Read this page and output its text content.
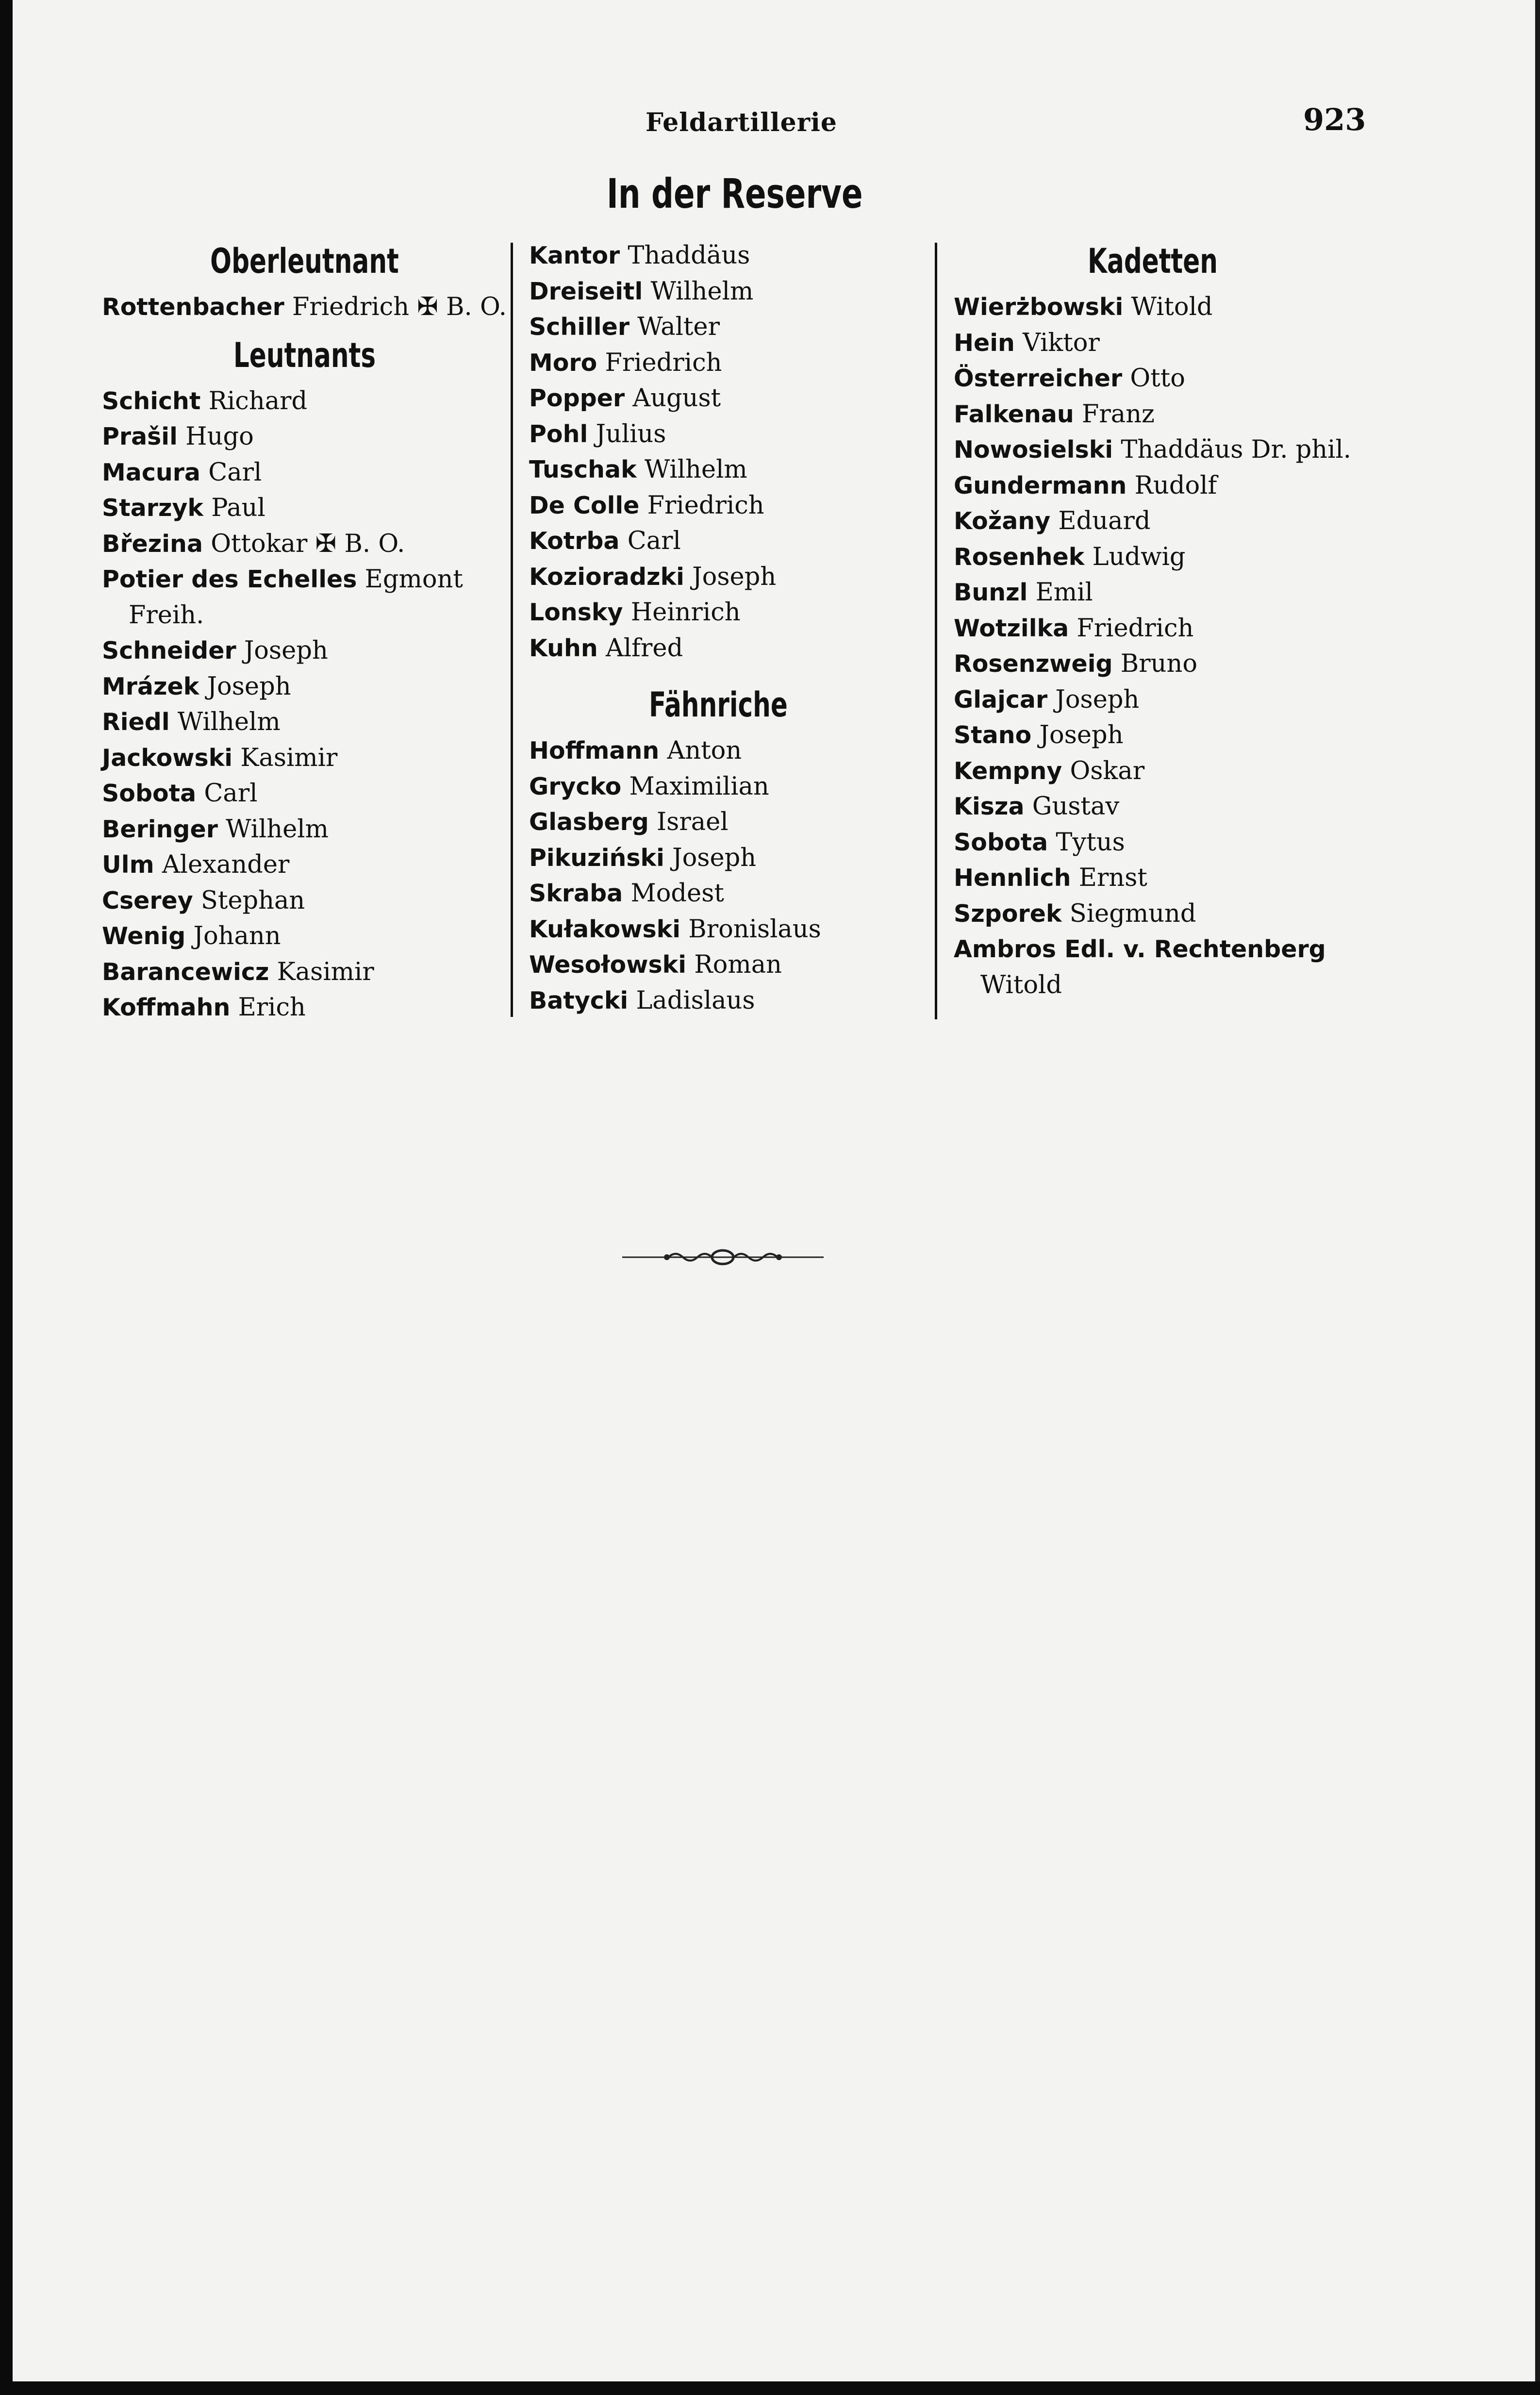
Feldartillerie	923
In der Reserve
Oberleutnant
Rottenbacher Friedrich ✠ B. O.
Leutnants
Schicht Richard
Prašil Hugo
Macura Carl
Starzyk Paul
Březina Ottokar ✠ B. O.
Potier des Echelles Egmont
Freih.
Schneider Joseph
Mrázek Joseph
Riedl Wilhelm
Jackowski Kasimir
Sobota Carl
Beringer Wilhelm
Ulm Alexander
Cserey Stephan
Wenig Johann
Barancewicz Kasimir
Koffmahn Erich
Kantor Thaddäus
Dreiseitl Wilhelm
Schiller Walter
Moro Friedrich
Popper August
Pohl Julius
Tuschak Wilhelm
De Colle Friedrich
Kotrba Carl
Kozioradzki Joseph
Lonsky Heinrich
Kuhn Alfred
Fähnriche
Hoffmann Anton
Grycko Maximilian
Glasberg Israel
Pikuziński Joseph
Skraba Modest
Kułakowski Bronislaus
Wesołowski Roman
Batycki Ladislaus
Kadetten
Wierżbowski Witold
Hein Viktor
Österreicher Otto
Falkenau Franz
Nowosielski Thaddäus Dr. phil.
Gundermann Rudolf
Kožany Eduard
Rosenhek Ludwig
Bunzl Emil
Wotzilka Friedrich
Rosenzweig Bruno
Glajcar Joseph
Stano Joseph
Kempny Oskar
Kisza Gustav
Sobota Tytus
Hennlich Ernst
Szporek Siegmund
Ambros Edl. v. Rechtenberg
Witold
